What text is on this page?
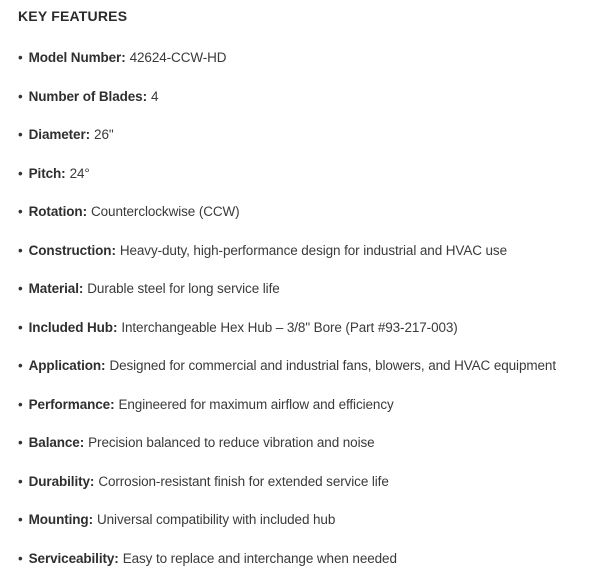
KEY FEATURES
• Model Number: 42624-CCW-HD
• Number of Blades: 4
• Diameter: 26"
• Pitch: 24°
• Rotation: Counterclockwise (CCW)
• Construction: Heavy-duty, high-performance design for industrial and HVAC use
• Material: Durable steel for long service life
• Included Hub: Interchangeable Hex Hub – 3/8" Bore (Part #93-217-003)
• Application: Designed for commercial and industrial fans, blowers, and HVAC equipment
• Performance: Engineered for maximum airflow and efficiency
• Balance: Precision balanced to reduce vibration and noise
• Durability: Corrosion-resistant finish for extended service life
• Mounting: Universal compatibility with included hub
• Serviceability: Easy to replace and interchange when needed
